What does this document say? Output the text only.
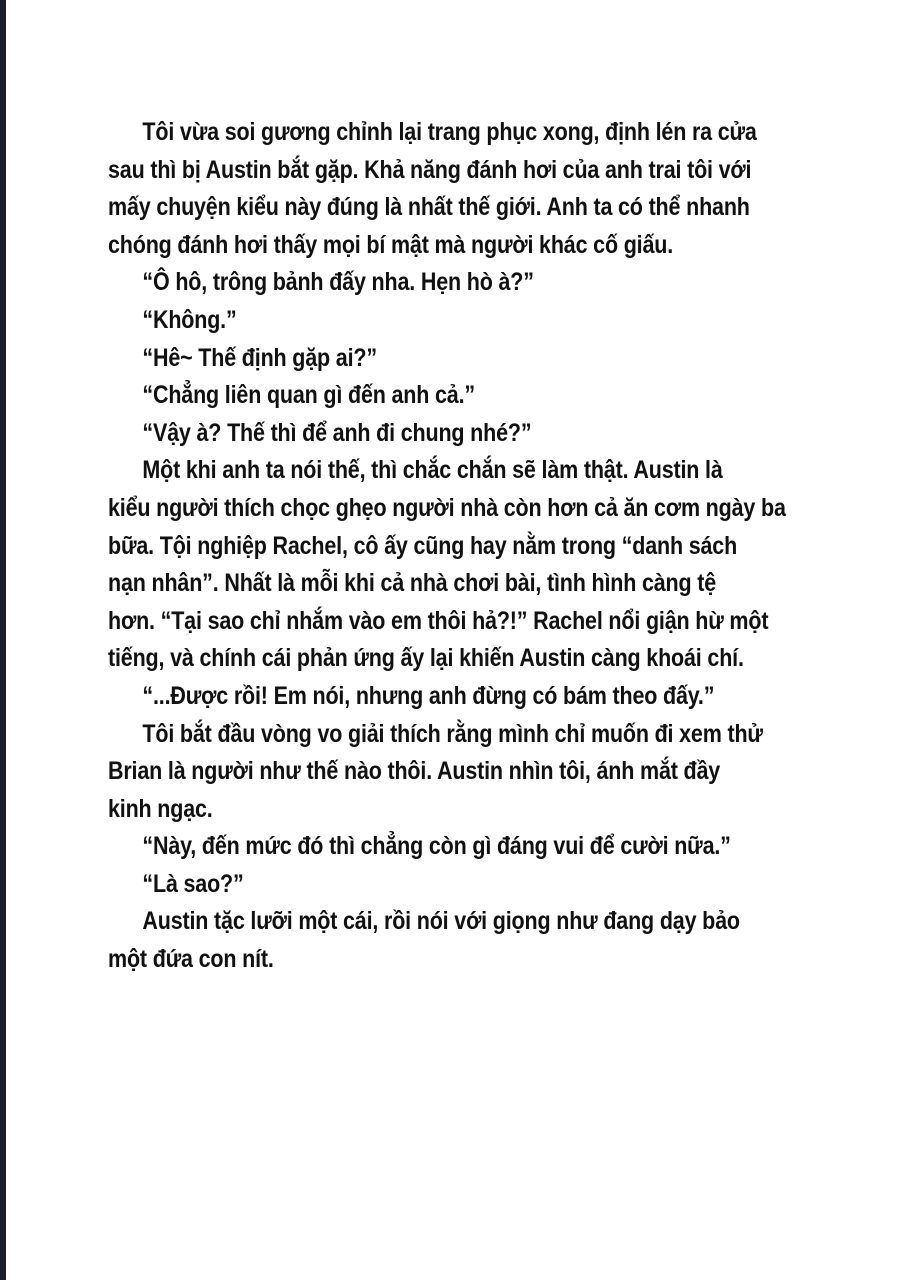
Tôi vừa soi gương chỉnh lại trang phục xong, định lén ra cửa
sau thì bị Austin bắt gặp. Khả năng đánh hơi của anh trai tôi với
mấy chuyện kiểu này đúng là nhất thế giới. Anh ta có thể nhanh
chóng đánh hơi thấy mọi bí mật mà người khác cố giấu.
“Ô hô, trông bảnh đấy nha. Hẹn hò à?”
“Không.”
“Hê~ Thế định gặp ai?”
“Chẳng liên quan gì đến anh cả.”
“Vậy à? Thế thì để anh đi chung nhé?”
Một khi anh ta nói thế, thì chắc chắn sẽ làm thật. Austin là
kiểu người thích chọc ghẹo người nhà còn hơn cả ăn cơm ngày ba
bữa. Tội nghiệp Rachel, cô ấy cũng hay nằm trong “danh sách
nạn nhân”. Nhất là mỗi khi cả nhà chơi bài, tình hình càng tệ
hơn. “Tại sao chỉ nhắm vào em thôi hả?!” Rachel nổi giận hừ một
tiếng, và chính cái phản ứng ấy lại khiến Austin càng khoái chí.
“...Được rồi! Em nói, nhưng anh đừng có bám theo đấy.”
Tôi bắt đầu vòng vo giải thích rằng mình chỉ muốn đi xem thử
Brian là người như thế nào thôi. Austin nhìn tôi, ánh mắt đầy
kinh ngạc.
“Này, đến mức đó thì chẳng còn gì đáng vui để cười nữa.”
“Là sao?”
Austin tặc lưỡi một cái, rồi nói với giọng như đang dạy bảo
một đứa con nít.
